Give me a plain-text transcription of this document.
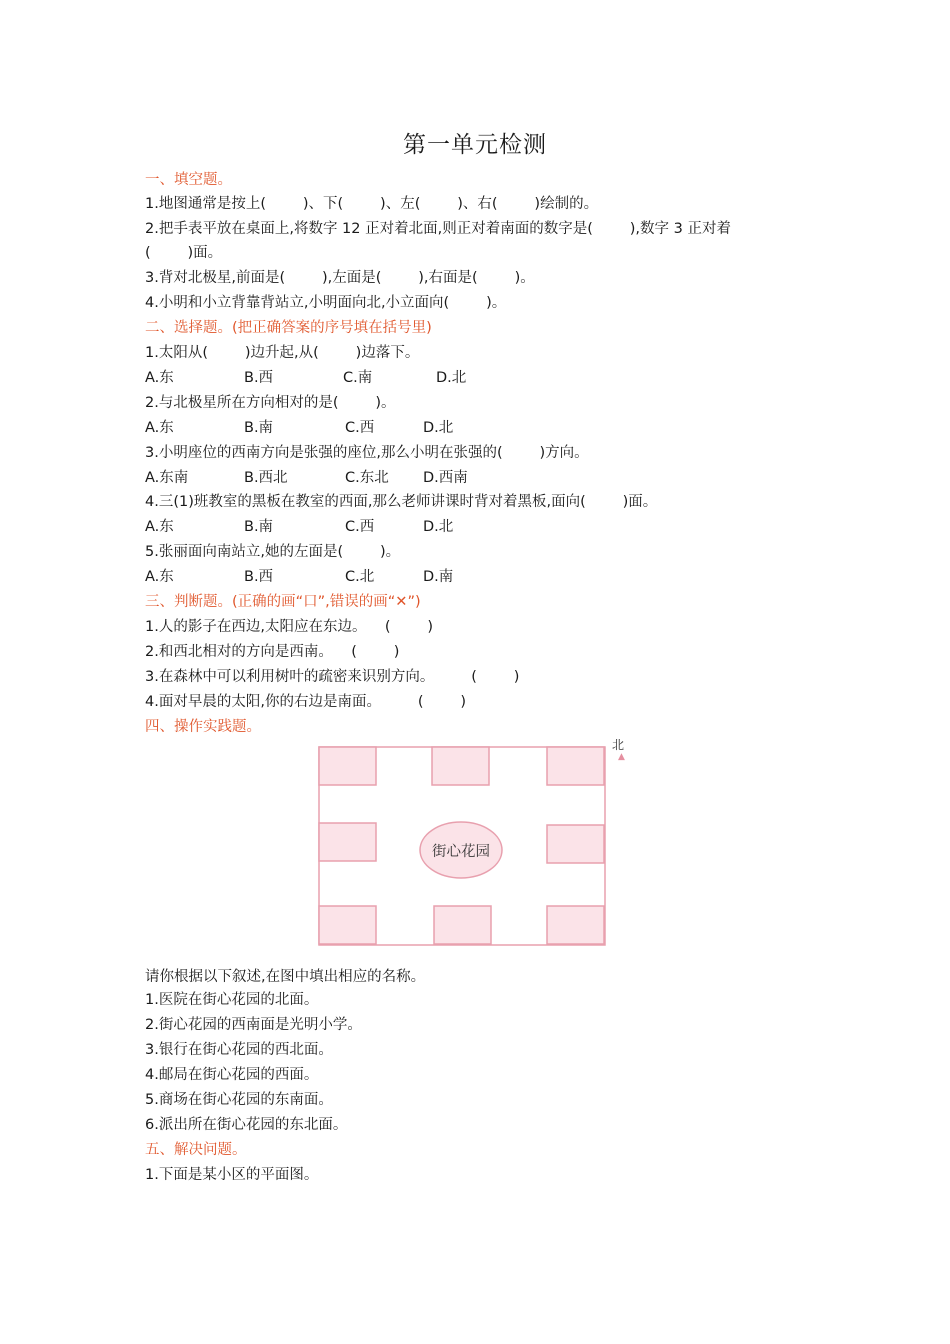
第一单元检测
一、填空题。
1.地图通常是按上(        )、下(        )、左(        )、右(        )绘制的。
2.把手表平放在桌面上,将数字 12 正对着北面,则正对着南面的数字是(        ),数字 3 正对着
(        )面。
3.背对北极星,前面是(        ),左面是(        ),右面是(        )。
4.小明和小立背靠背站立,小明面向北,小立面向(        )。
二、选择题。(把正确答案的序号填在括号里)
1.太阳从(        )边升起,从(        )边落下。
A.东	B.西	C.南	D.北
2.与北极星所在方向相对的是(        )。
A.东	B.南	C.西	D.北
3.小明座位的西南方向是张强的座位,那么小明在张强的(        )方向。
A.东南	B.西北	C.东北 D.西南
4.三(1)班教室的黑板在教室的西面,那么老师讲课时背对着黑板,面向(        )面。
A.东	B.南	C.西	D.北
5.张丽面向南站立,她的左面是(        )。
A.东	B.西	C.北	D.南
三、判断题。(正确的画“口”,错误的画“✕”)
1.人的影子在西边,太阳应在东边。    (        )
2.和西北相对的方向是西南。    (        )
3.在森林中可以利用树叶的疏密来识别方向。        (        )
4.面对早晨的太阳,你的右边是南面。        (        )
四、操作实践题。
街心花园
北
▲
请你根据以下叙述,在图中填出相应的名称。
1.医院在街心花园的北面。
2.街心花园的西南面是光明小学。
3.银行在街心花园的西北面。
4.邮局在街心花园的西面。
5.商场在街心花园的东南面。
6.派出所在街心花园的东北面。
五、解决问题。
1.下面是某小区的平面图。
